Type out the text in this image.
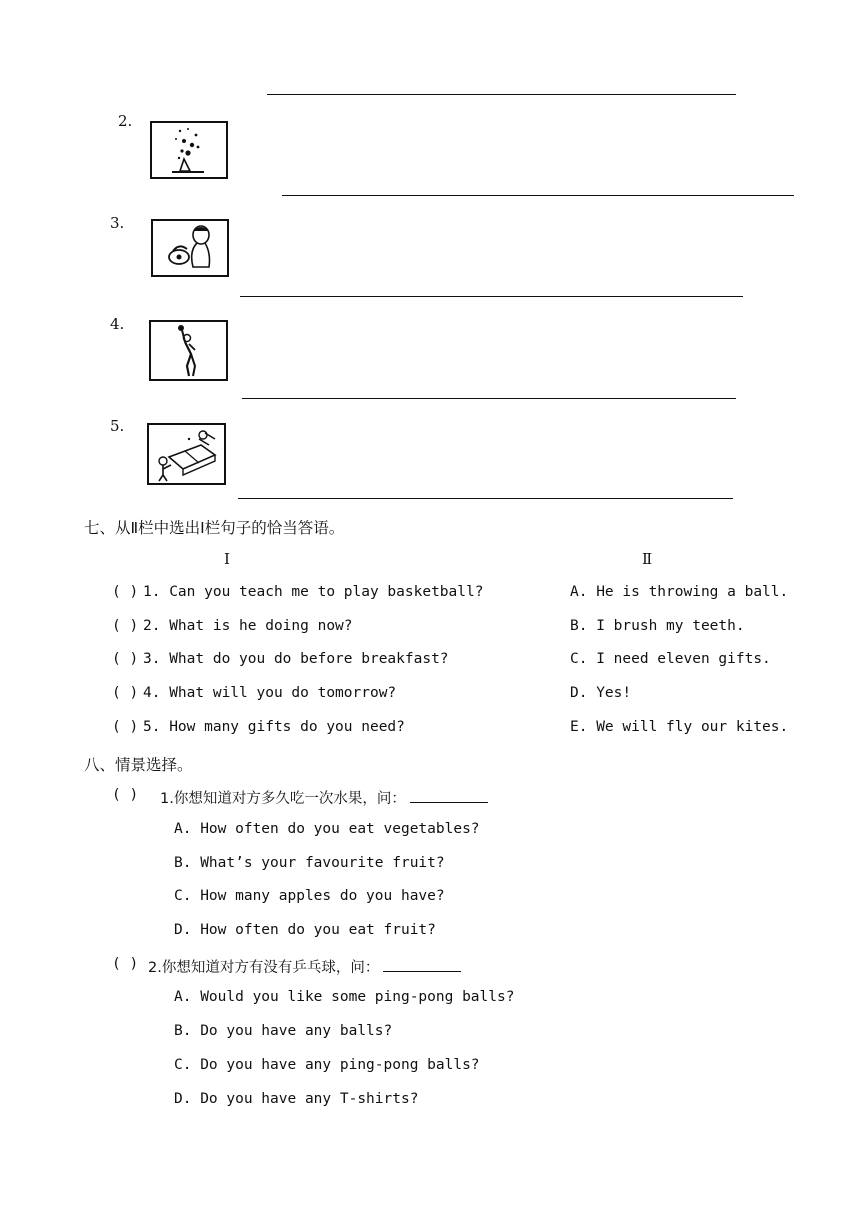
2.
3.
4.
5.
七、从Ⅱ栏中选出Ⅰ栏句子的恰当答语。
I	Ⅱ
( ) 1. Can you teach me to play basketball?	A. He is throwing a ball.
( ) 2. What is he doing now?	B. I brush my teeth.
( ) 3. What do you do before breakfast?	C. I need eleven gifts.
( ) 4. What will you do tomorrow?	D. Yes!
( ) 5. How many gifts do you need?	E. We will fly our kites.
八、情景选择。
( ) 1.你想知道对方多久吃一次水果，问：
A. How often do you eat vegetables?
B. What’s your favourite fruit?
C. How many apples do you have?
D. How often do you eat fruit?
( ) 2.你想知道对方有没有乒乓球，问：
A. Would you like some ping-pong balls?
B. Do you have any balls?
C. Do you have any ping-pong balls?
D. Do you have any T-shirts?
